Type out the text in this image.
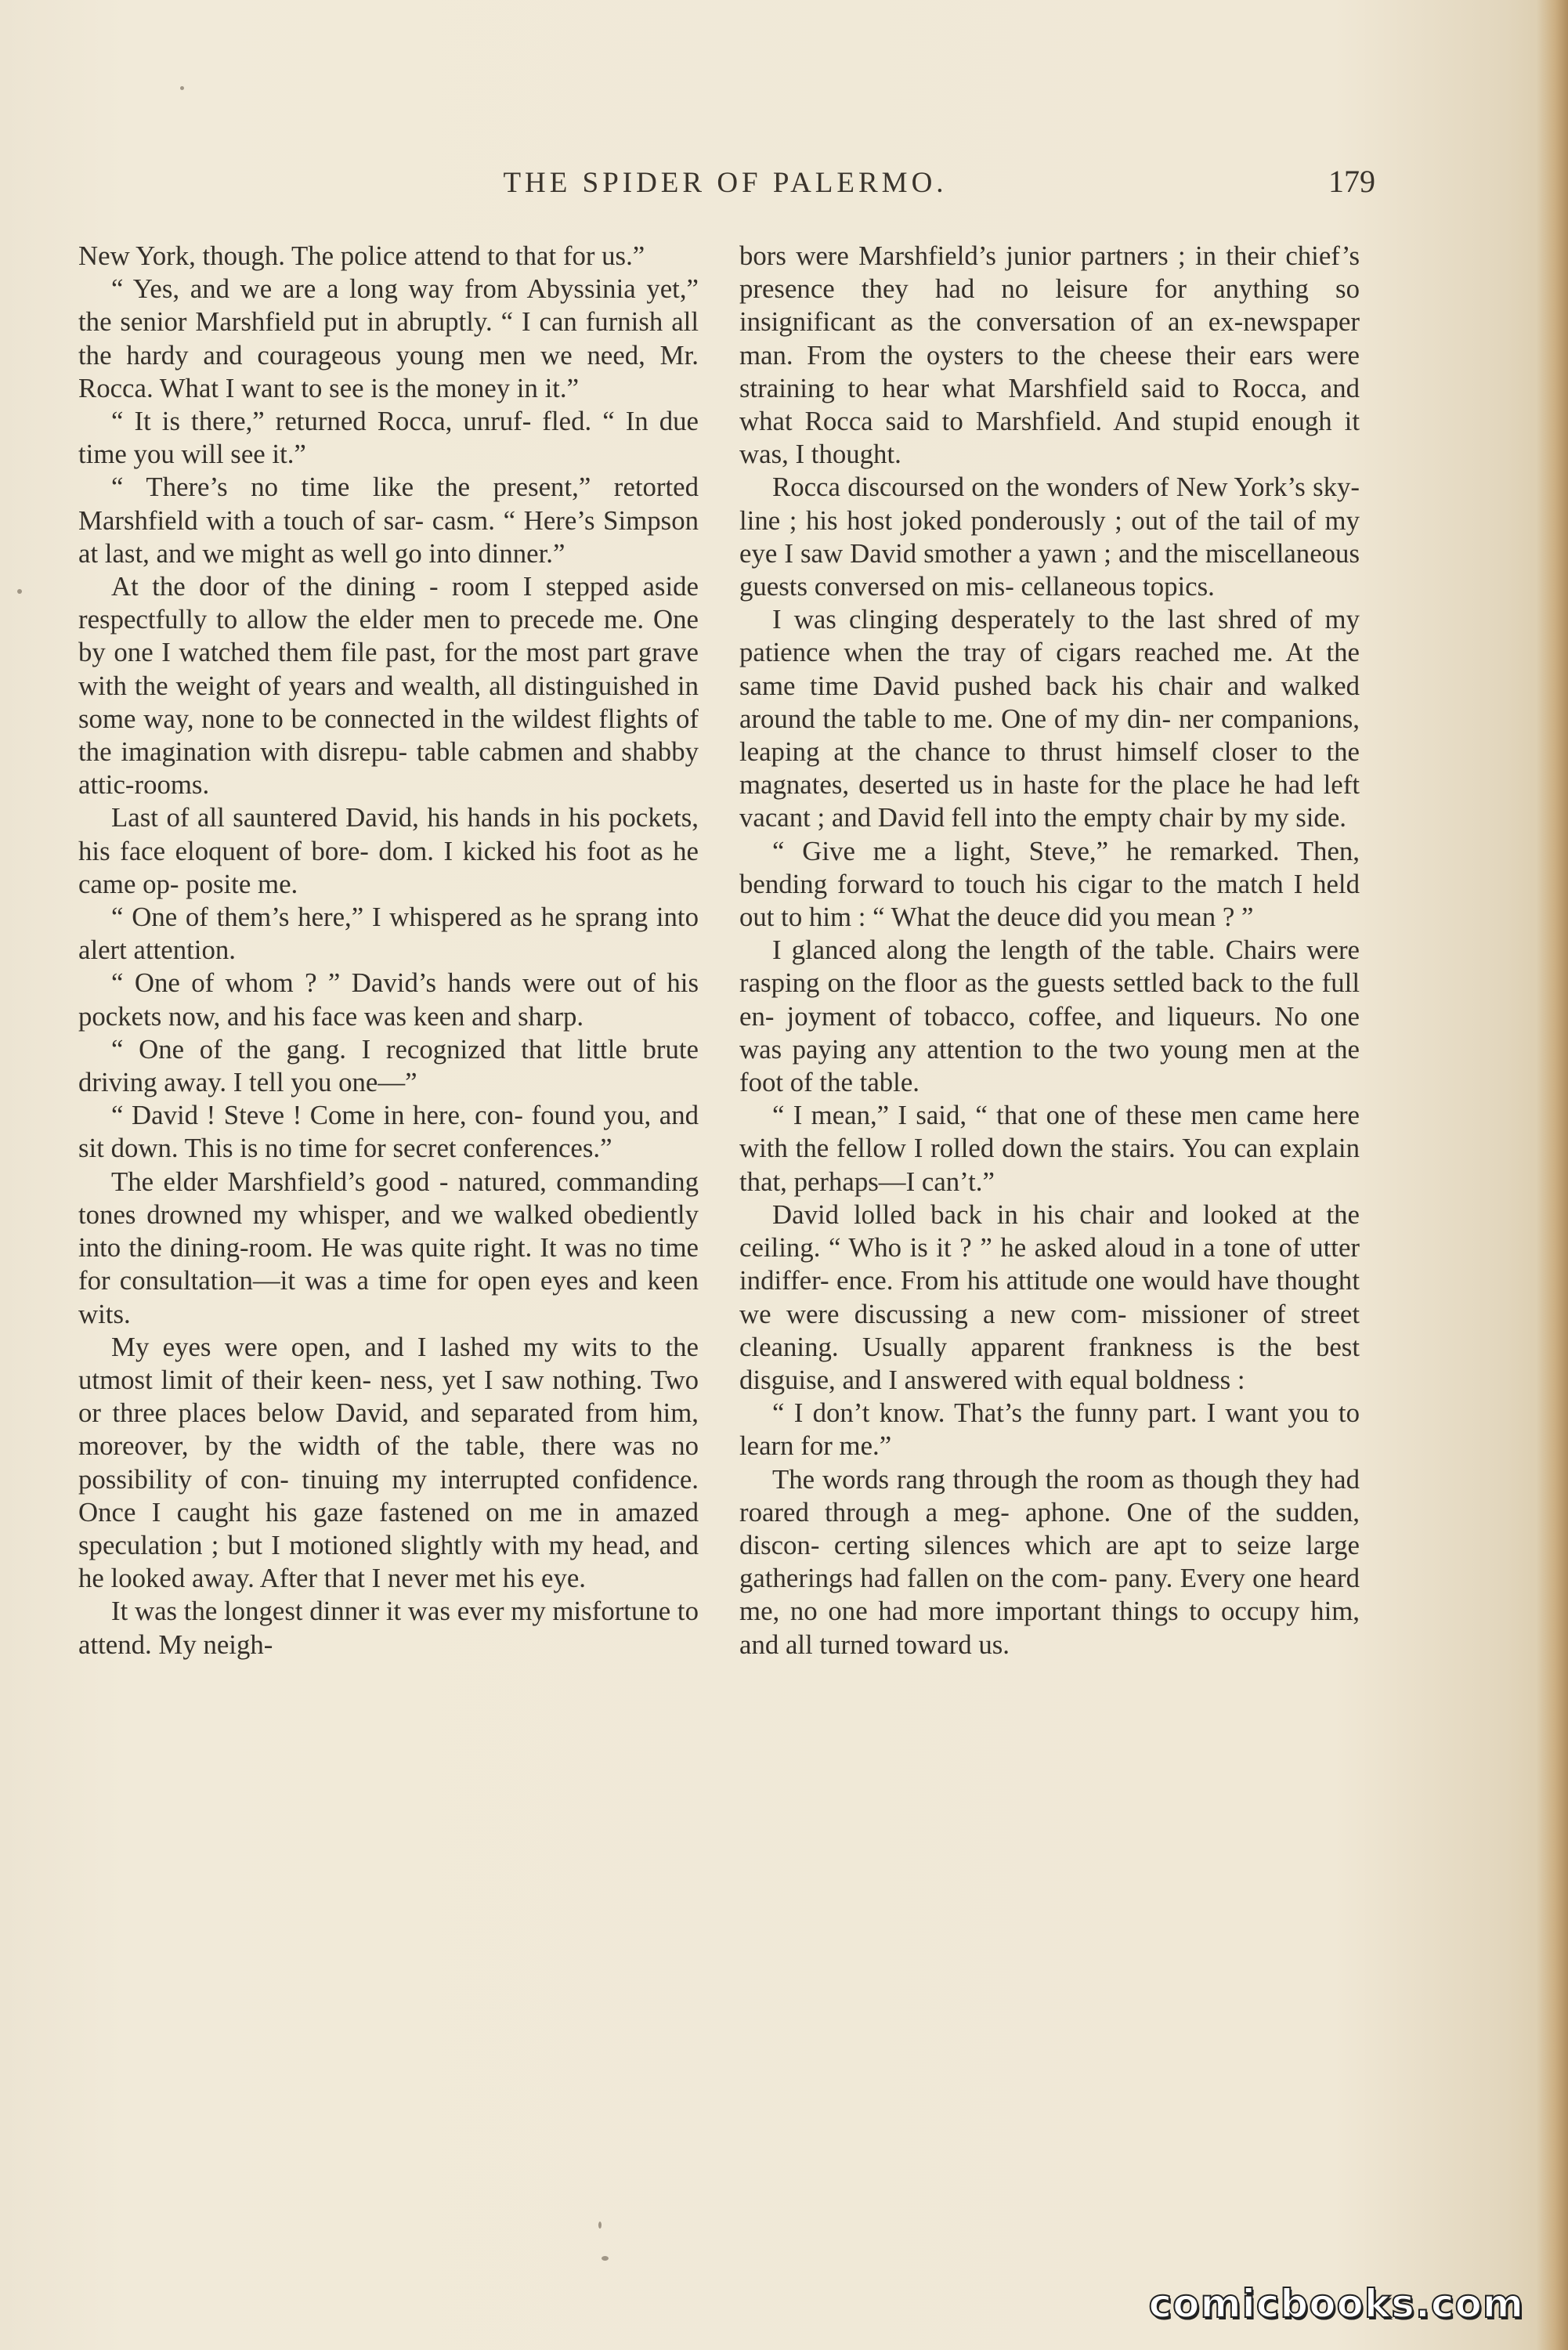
THE SPIDER OF PALERMO.	179

New York, though. The police attend to that for us.”

“ Yes, and we are a long way from Abyssinia yet,” the senior Marshfield put in abruptly. “ I can furnish all the hardy and courageous young men we need, Mr. Rocca. What I want to see is the money in it.”

“ It is there,” returned Rocca, unruf- fled. “ In due time you will see it.”

“ There’s no time like the present,” retorted Marshfield with a touch of sar- casm. “ Here’s Simpson at last, and we might as well go into dinner.”

At the door of the dining - room I stepped aside respectfully to allow the elder men to precede me. One by one I watched them file past, for the most part grave with the weight of years and wealth, all distinguished in some way, none to be connected in the wildest flights of the imagination with disrepu- table cabmen and shabby attic-rooms.

Last of all sauntered David, his hands in his pockets, his face eloquent of bore- dom. I kicked his foot as he came op- posite me.

“ One of them’s here,” I whispered as he sprang into alert attention.

“ One of whom ? ” David’s hands were out of his pockets now, and his face was keen and sharp.

“ One of the gang. I recognized that little brute driving away. I tell you one—”

“ David ! Steve ! Come in here, con- found you, and sit down. This is no time for secret conferences.”

The elder Marshfield’s good - natured, commanding tones drowned my whisper, and we walked obediently into the dining-room. He was quite right. It was no time for consultation—it was a time for open eyes and keen wits.

My eyes were open, and I lashed my wits to the utmost limit of their keen- ness, yet I saw nothing. Two or three places below David, and separated from him, moreover, by the width of the table, there was no possibility of con- tinuing my interrupted confidence. Once I caught his gaze fastened on me in amazed speculation ; but I motioned slightly with my head, and he looked away. After that I never met his eye.

It was the longest dinner it was ever my misfortune to attend. My neigh-

bors were Marshfield’s junior partners ; in their chief’s presence they had no leisure for anything so insignificant as the conversation of an ex-newspaper man. From the oysters to the cheese their ears were straining to hear what Marshfield said to Rocca, and what Rocca said to Marshfield. And stupid enough it was, I thought.

Rocca discoursed on the wonders of New York’s sky-line ; his host joked ponderously ; out of the tail of my eye I saw David smother a yawn ; and the miscellaneous guests conversed on mis- cellaneous topics.

I was clinging desperately to the last shred of my patience when the tray of cigars reached me. At the same time David pushed back his chair and walked around the table to me. One of my din- ner companions, leaping at the chance to thrust himself closer to the magnates, deserted us in haste for the place he had left vacant ; and David fell into the empty chair by my side.

“ Give me a light, Steve,” he remarked. Then, bending forward to touch his cigar to the match I held out to him : “ What the deuce did you mean ? ”

I glanced along the length of the table. Chairs were rasping on the floor as the guests settled back to the full en- joyment of tobacco, coffee, and liqueurs. No one was paying any attention to the two young men at the foot of the table.

“ I mean,” I said, “ that one of these men came here with the fellow I rolled down the stairs. You can explain that, perhaps—I can’t.”

David lolled back in his chair and looked at the ceiling. “ Who is it ? ” he asked aloud in a tone of utter indiffer- ence. From his attitude one would have thought we were discussing a new com- missioner of street cleaning. Usually apparent frankness is the best disguise, and I answered with equal boldness :

“ I don’t know. That’s the funny part. I want you to learn for me.”

The words rang through the room as though they had roared through a meg- aphone. One of the sudden, discon- certing silences which are apt to seize large gatherings had fallen on the com- pany. Every one heard me, no one had more important things to occupy him, and all turned toward us.

comicbooks.com
